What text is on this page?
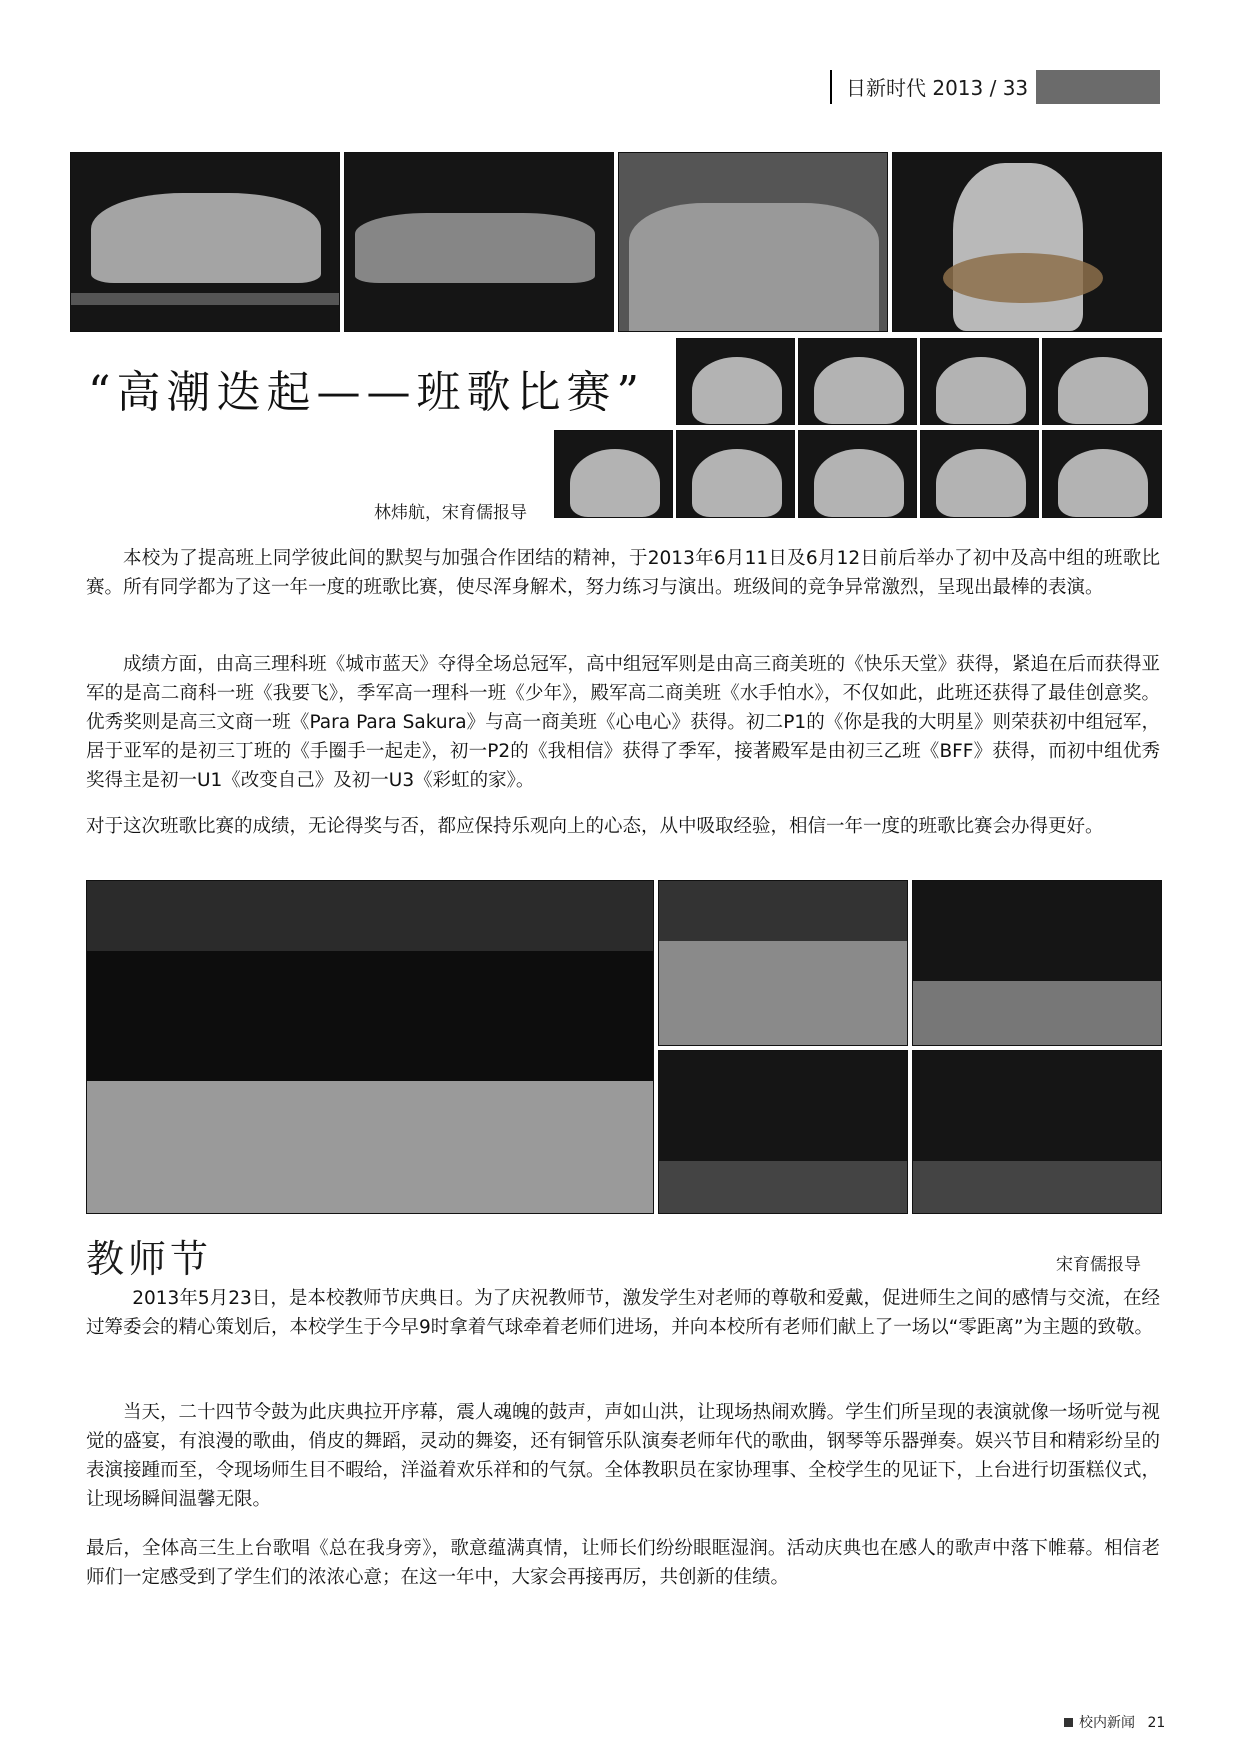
日新时代 2013 / 33
“高潮迭起——班歌比赛”
林炜航，宋育儒报导

本校为了提高班上同学彼此间的默契与加强合作团结的精神，于2013年6月11日及6月12日前后举办了初中及高中组的班歌比赛。所有同学都为了这一年一度的班歌比赛，使尽浑身解术，努力练习与演出。班级间的竞争异常激烈，呈现出最棒的表演。

成绩方面，由高三理科班《城市蓝天》夺得全场总冠军，高中组冠军则是由高三商美班的《快乐天堂》获得，紧追在后而获得亚军的是高二商科一班《我要飞》，季军高一理科一班《少年》，殿军高二商美班《水手怕水》，不仅如此，此班还获得了最佳创意奖。优秀奖则是高三文商一班《Para Para Sakura》与高一商美班《心电心》获得。初二P1的《你是我的大明星》则荣获初中组冠军，居于亚军的是初三丁班的《手圈手一起走》，初一P2的《我相信》获得了季军，接著殿军是由初三乙班《BFF》获得，而初中组优秀奖得主是初一U1《改变自己》及初一U3《彩虹的家》。

对于这次班歌比赛的成绩，无论得奖与否，都应保持乐观向上的心态，从中吸取经验，相信一年一度的班歌比赛会办得更好。

教师节	宋育儒报导

2013年5月23日，是本校教师节庆典日。为了庆祝教师节，激发学生对老师的尊敬和爱戴，促进师生之间的感情与交流，在经过筹委会的精心策划后，本校学生于今早9时拿着气球牵着老师们进场，并向本校所有老师们献上了一场以“零距离”为主题的致敬。

当天，二十四节令鼓为此庆典拉开序幕，震人魂魄的鼓声，声如山洪，让现场热闹欢腾。学生们所呈现的表演就像一场听觉与视觉的盛宴，有浪漫的歌曲，俏皮的舞蹈，灵动的舞姿，还有铜管乐队演奏老师年代的歌曲，钢琴等乐器弹奏。娱兴节目和精彩纷呈的表演接踵而至，令现场师生目不暇给，洋溢着欢乐祥和的气氛。全体教职员在家协理事、全校学生的见证下，上台进行切蛋糕仪式，让现场瞬间温馨无限。

最后，全体高三生上台歌唱《总在我身旁》，歌意蕴满真情，让师长们纷纷眼眶湿润。活动庆典也在感人的歌声中落下帷幕。相信老师们一定感受到了学生们的浓浓心意；在这一年中，大家会再接再厉，共创新的佳绩。

校内新闻 21
